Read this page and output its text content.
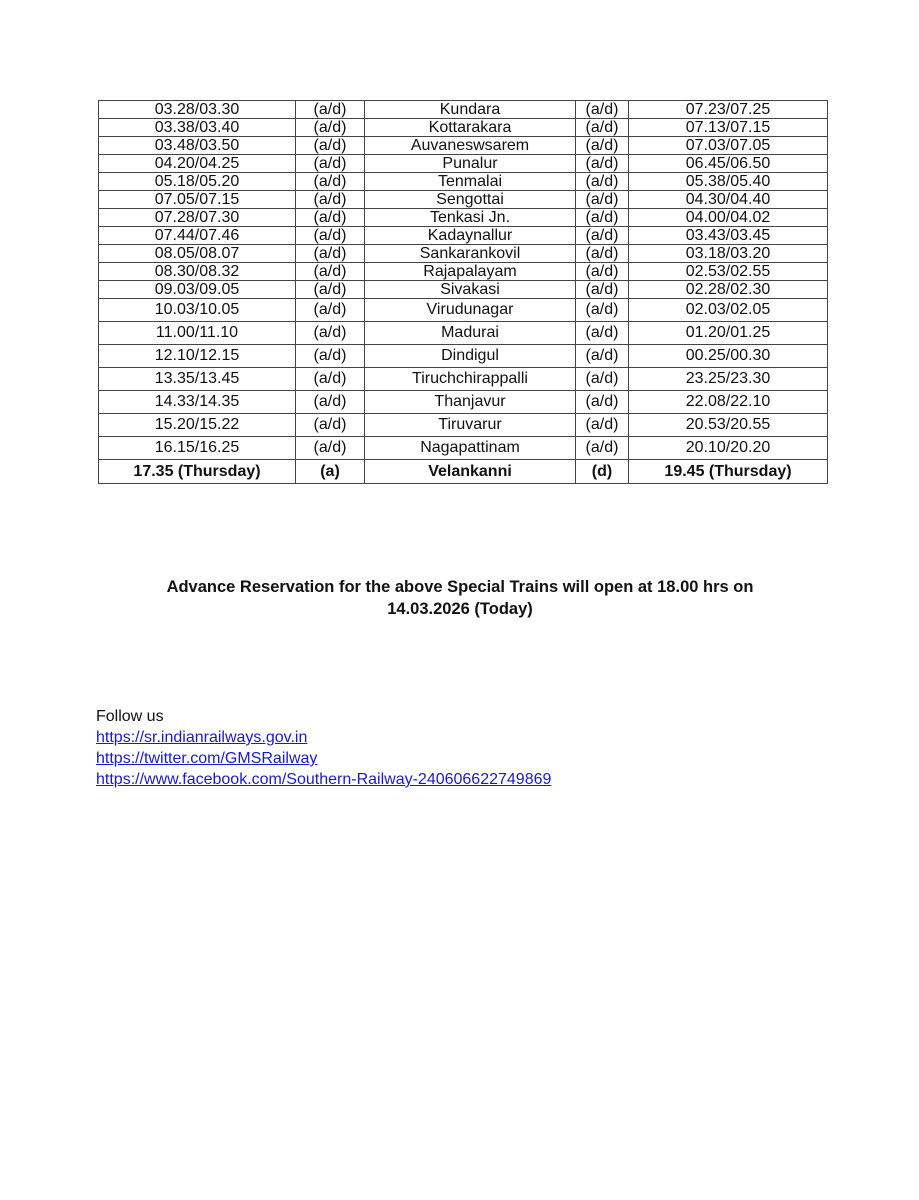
03.28/03.30	(a/d)	Kundara	(a/d)	07.23/07.25
03.38/03.40	(a/d)	Kottarakara	(a/d)	07.13/07.15
03.48/03.50	(a/d)	Auvaneswsarem	(a/d)	07.03/07.05
04.20/04.25	(a/d)	Punalur	(a/d)	06.45/06.50
05.18/05.20	(a/d)	Tenmalai	(a/d)	05.38/05.40
07.05/07.15	(a/d)	Sengottai	(a/d)	04.30/04.40
07.28/07.30	(a/d)	Tenkasi Jn.	(a/d)	04.00/04.02
07.44/07.46	(a/d)	Kadaynallur	(a/d)	03.43/03.45
08.05/08.07	(a/d)	Sankarankovil	(a/d)	03.18/03.20
08.30/08.32	(a/d)	Rajapalayam	(a/d)	02.53/02.55
09.03/09.05	(a/d)	Sivakasi	(a/d)	02.28/02.30
10.03/10.05	(a/d)	Virudunagar	(a/d)	02.03/02.05
11.00/11.10	(a/d)	Madurai	(a/d)	01.20/01.25
12.10/12.15	(a/d)	Dindigul	(a/d)	00.25/00.30
13.35/13.45	(a/d)	Tiruchchirappalli	(a/d)	23.25/23.30
14.33/14.35	(a/d)	Thanjavur	(a/d)	22.08/22.10
15.20/15.22	(a/d)	Tiruvarur	(a/d)	20.53/20.55
16.15/16.25	(a/d)	Nagapattinam	(a/d)	20.10/20.20
17.35 (Thursday)	(a)	Velankanni	(d)	19.45 (Thursday)
Advance Reservation for the above Special Trains will open at 18.00 hrs on
14.03.2026 (Today)
Follow us
https://sr.indianrailways.gov.in
https://twitter.com/GMSRailway
https://www.facebook.com/Southern-Railway-240606622749869
